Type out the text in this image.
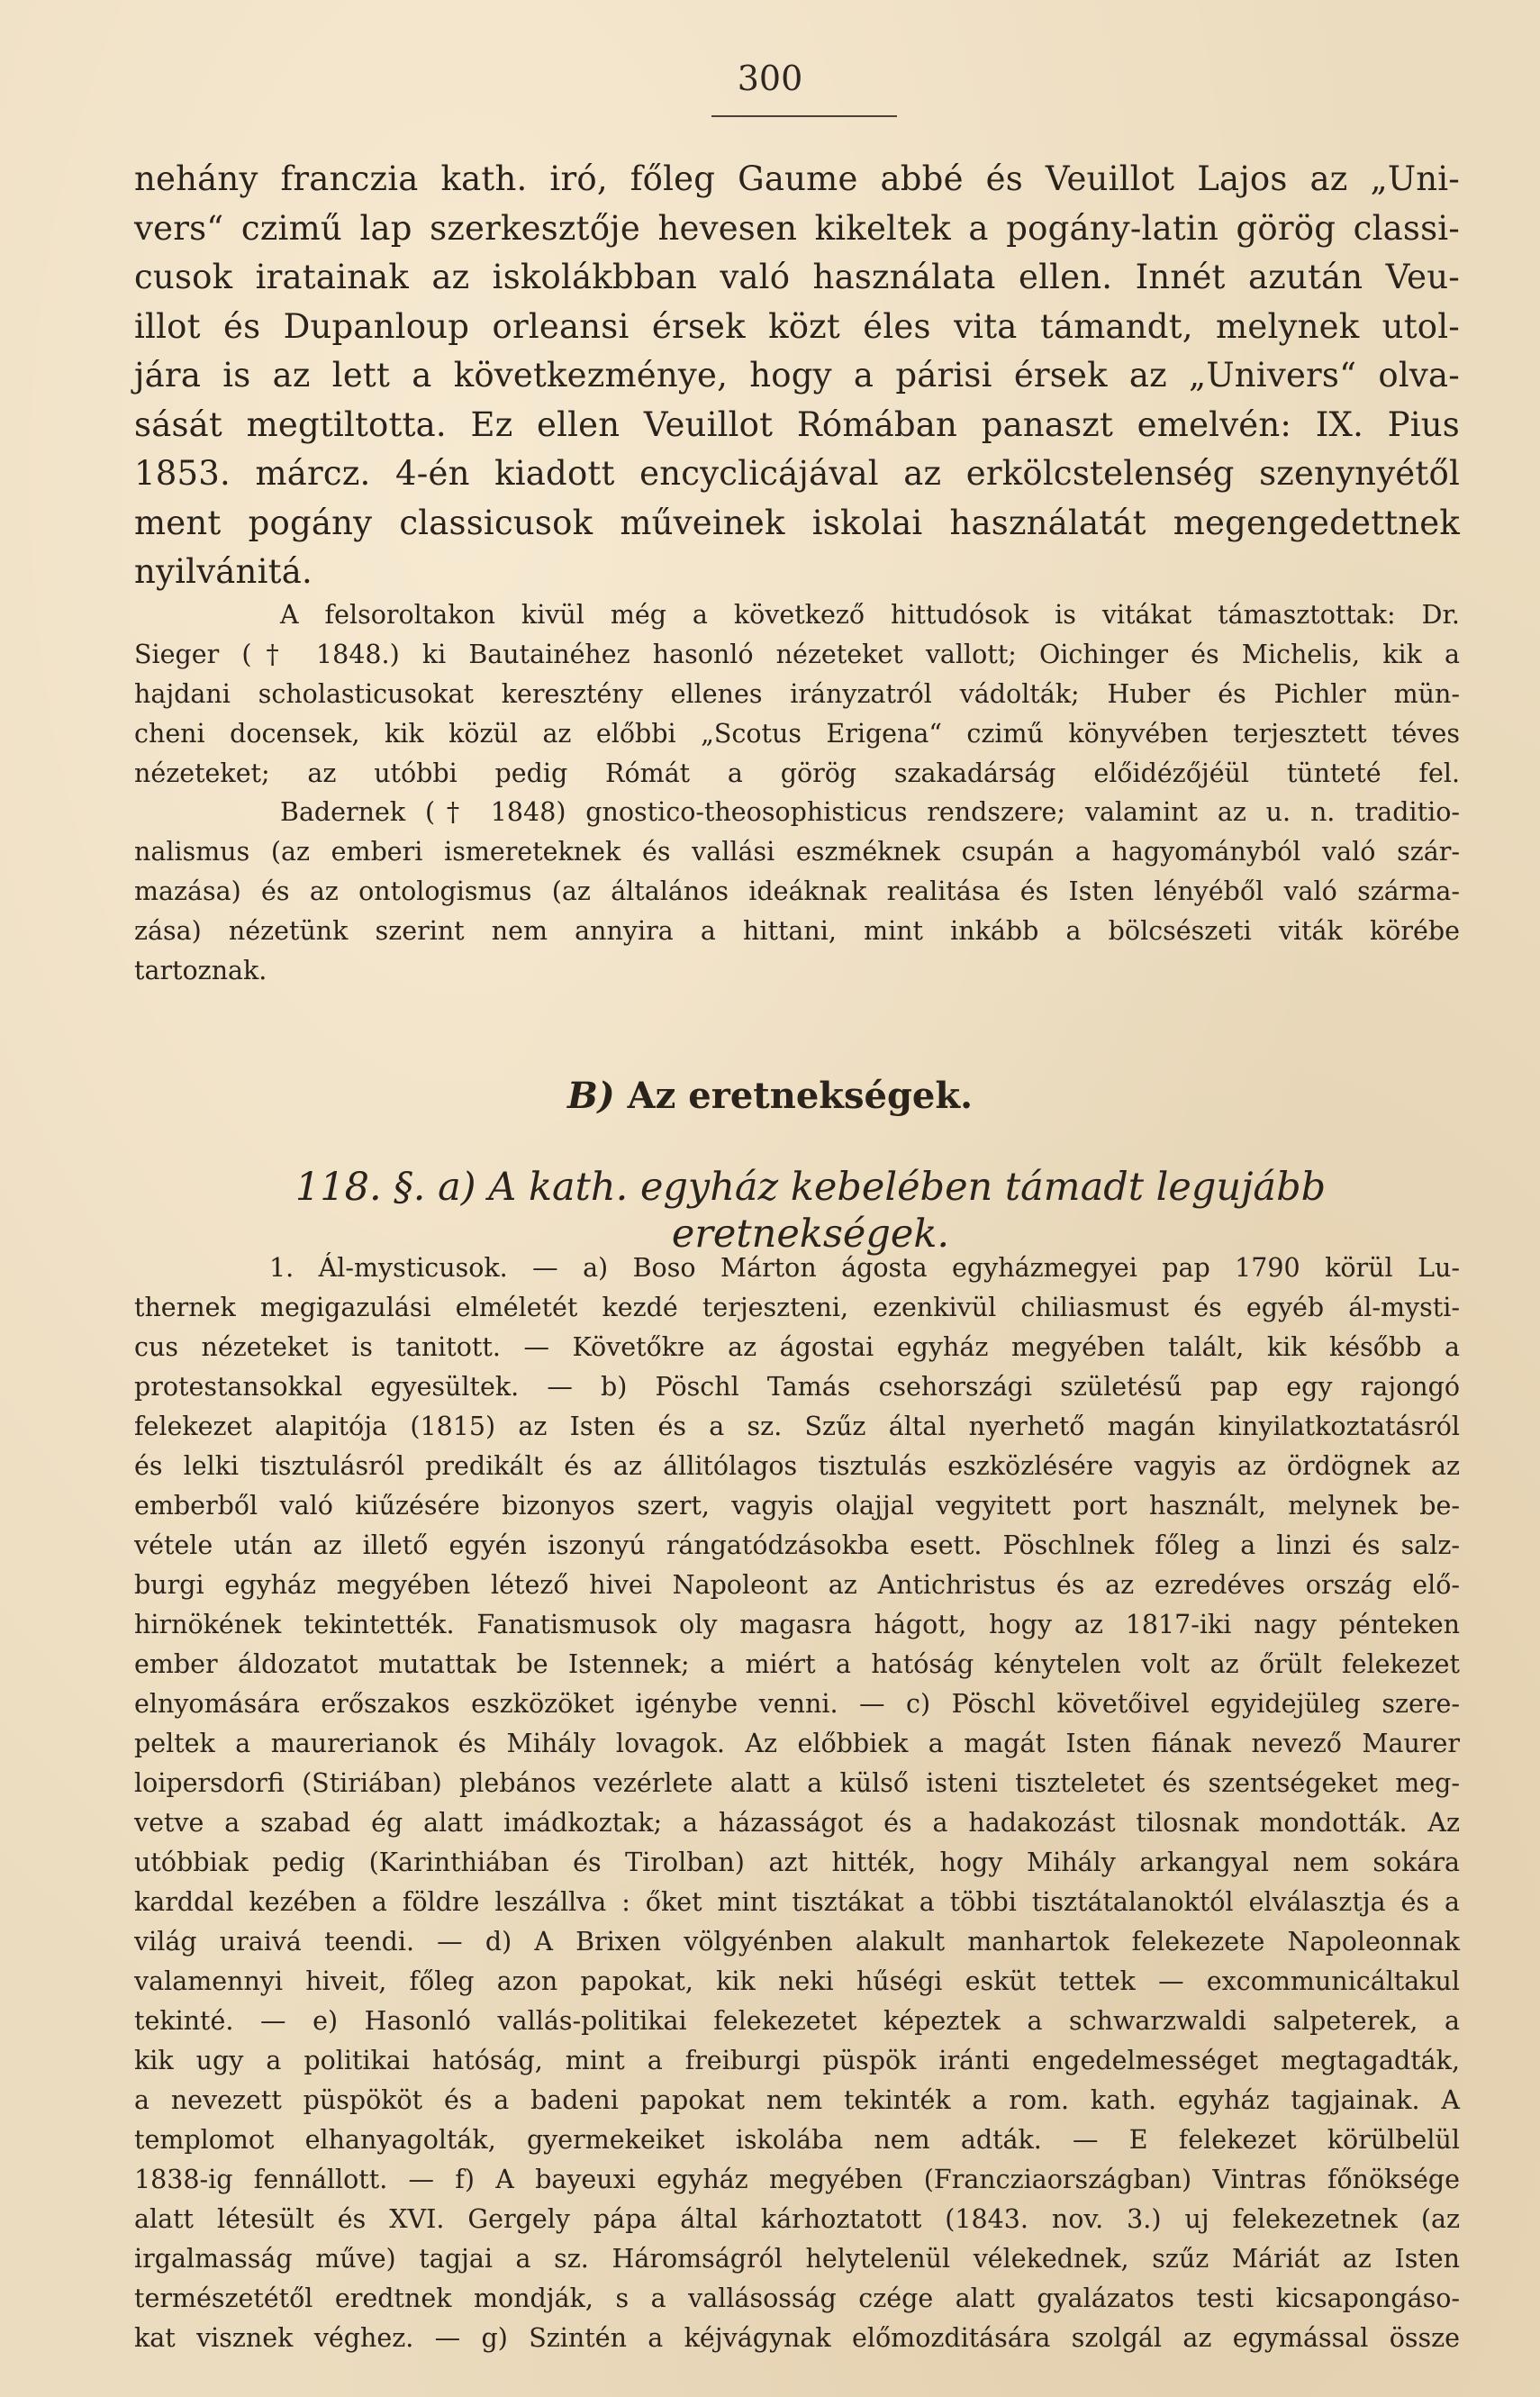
300
nehány franczia kath. iró, főleg Gaume abbé és Veuillot Lajos az „Uni-
vers“ czimű lap szerkesztője hevesen kikeltek a pogány-latin görög classi-
cusok iratainak az iskolákbban való használata ellen. Innét azután Veu-
illot és Dupanloup orleansi érsek közt éles vita támandt, melynek utol-
jára is az lett a következménye, hogy a párisi érsek az „Univers“ olva-
sását megtiltotta. Ez ellen Veuillot Rómában panaszt emelvén: IX. Pius
1853. márcz. 4-én kiadott encyclicájával az erkölcstelenség szenynyétől
ment pogány classicusok műveinek iskolai használatát megengedettnek
nyilvánitá.
A felsoroltakon kivül még a következő hittudósok is vitákat támasztottak: Dr.
Sieger († 1848.) ki Bautainéhez hasonló nézeteket vallott; Oichinger és Michelis, kik a
hajdani scholasticusokat keresztény ellenes irányzatról vádolták; Huber és Pichler mün-
cheni docensek, kik közül az előbbi „Scotus Erigena“ czimű könyvében terjesztett téves
nézeteket; az utóbbi pedig Rómát a görög szakadárság előidézőjéül tünteté fel.
Badernek († 1848) gnostico-theosophisticus rendszere; valamint az u. n. traditio-
nalismus (az emberi ismereteknek és vallási eszméknek csupán a hagyományból való szár-
mazása) és az ontologismus (az általános ideáknak realitása és Isten lényéből való szárma-
zása) nézetünk szerint nem annyira a hittani, mint inkább a bölcsészeti viták körébe
tartoznak.
B) Az eretnekségek.
118. §. a) A kath. egyház kebelében támadt legujább eretnekségek.
1. Ál-mysticusok. — a) Boso Márton ágosta egyházmegyei pap 1790 körül Lu-
thernek megigazulási elméletét kezdé terjeszteni, ezenkivül chiliasmust és egyéb ál-mysti-
cus nézeteket is tanitott. — Követőkre az ágostai egyház megyében talált, kik később a
protestansokkal egyesültek. — b) Pöschl Tamás csehországi születésű pap egy rajongó
felekezet alapitója (1815) az Isten és a sz. Szűz által nyerhető magán kinyilatkoztatásról
és lelki tisztulásról predikált és az állitólagos tisztulás eszközlésére vagyis az ördögnek az
emberből való kiűzésére bizonyos szert, vagyis olajjal vegyitett port használt, melynek be-
vétele után az illető egyén iszonyú rángatódzásokba esett. Pöschlnek főleg a linzi és salz-
burgi egyház megyében létező hivei Napoleont az Antichristus és az ezredéves ország elő-
hirnökének tekintették. Fanatismusok oly magasra hágott, hogy az 1817-iki nagy pénteken
ember áldozatot mutattak be Istennek; a miért a hatóság kénytelen volt az őrült felekezet
elnyomására erőszakos eszközöket igénybe venni. — c) Pöschl követőivel egyidejüleg szere-
peltek a maurerianok és Mihály lovagok. Az előbbiek a magát Isten fiának nevező Maurer
loipersdorfi (Stiriában) plebános vezérlete alatt a külső isteni tiszteletet és szentségeket meg-
vetve a szabad ég alatt imádkoztak; a házasságot és a hadakozást tilosnak mondották. Az
utóbbiak pedig (Karinthiában és Tirolban) azt hitték, hogy Mihály arkangyal nem sokára
karddal kezében a földre leszállva : őket mint tisztákat a többi tisztátalanoktól elválasztja és a
világ uraivá teendi. — d) A Brixen völgyénben alakult manhartok felekezete Napoleonnak
valamennyi hiveit, főleg azon papokat, kik neki hűségi esküt tettek — excommunicáltakul
tekinté. — e) Hasonló vallás-politikai felekezetet képeztek a schwarzwaldi salpeterek, a
kik ugy a politikai hatóság, mint a freiburgi püspök iránti engedelmességet megtagadták,
a nevezett püspököt és a badeni papokat nem tekinték a rom. kath. egyház tagjainak. A
templomot elhanyagolták, gyermekeiket iskolába nem adták. — E felekezet körülbelül
1838-ig fennállott. — f) A bayeuxi egyház megyében (Francziaországban) Vintras főnöksége
alatt létesült és XVI. Gergely pápa által kárhoztatott (1843. nov. 3.) uj felekezetnek (az
irgalmasság műve) tagjai a sz. Háromságról helytelenül vélekednek, szűz Máriát az Isten
természetétől eredtnek mondják, s a vallásosság czége alatt gyalázatos testi kicsapongáso-
kat visznek véghez. — g) Szintén a kéjvágynak előmozditására szolgál az egymással össze
